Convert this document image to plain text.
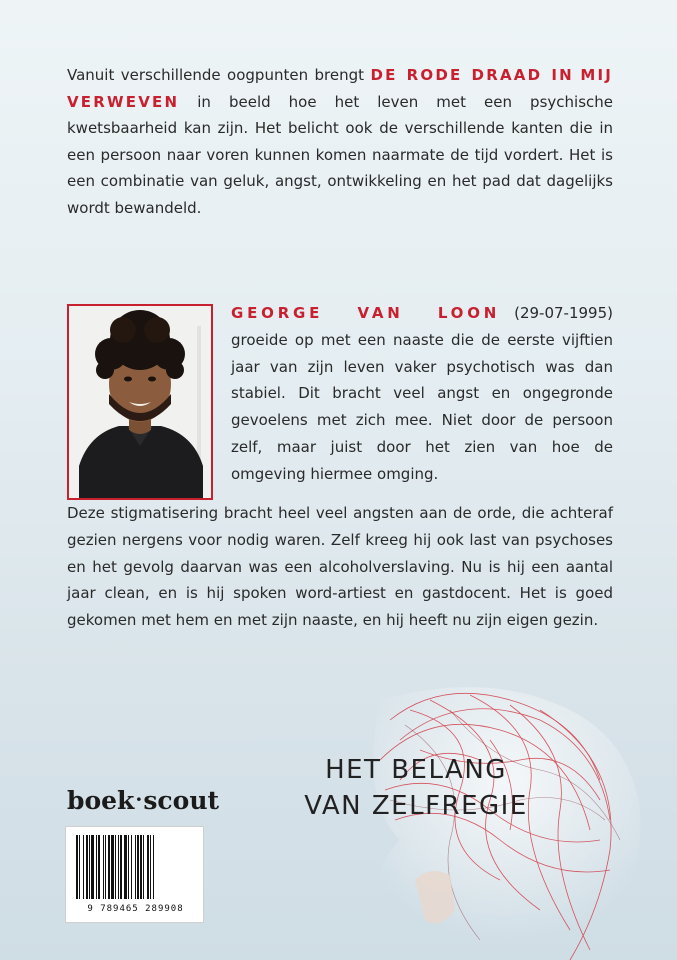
Vanuit verschillende oogpunten brengt DE RODE DRAAD IN MIJ VERWEVEN in beeld hoe het leven met een psychische kwetsbaarheid kan zijn. Het belicht ook de verschillende kanten die in een persoon naar voren kunnen komen naarmate de tijd vordert. Het is een combinatie van geluk, angst, ontwikkeling en het pad dat dagelijks wordt bewandeld.
GEORGE VAN LOON (29-07-1995) groeide op met een naaste die de eerste vijftien jaar van zijn leven vaker psychotisch was dan stabiel. Dit bracht veel angst en ongegronde gevoelens met zich mee. Niet door de persoon zelf, maar juist door het zien van hoe de omgeving hiermee omging.
Deze stigmatisering bracht heel veel angsten aan de orde, die achteraf gezien nergens voor nodig waren. Zelf kreeg hij ook last van psychoses en het gevolg daarvan was een alcoholverslaving. Nu is hij een aantal jaar clean, en is hij spoken word-artiest en gastdocent. Het is goed gekomen met hem en met zijn naaste, en hij heeft nu zijn eigen gezin.
HET BELANG
VAN ZELFREGIE
boek·scout
9 789465 289908
